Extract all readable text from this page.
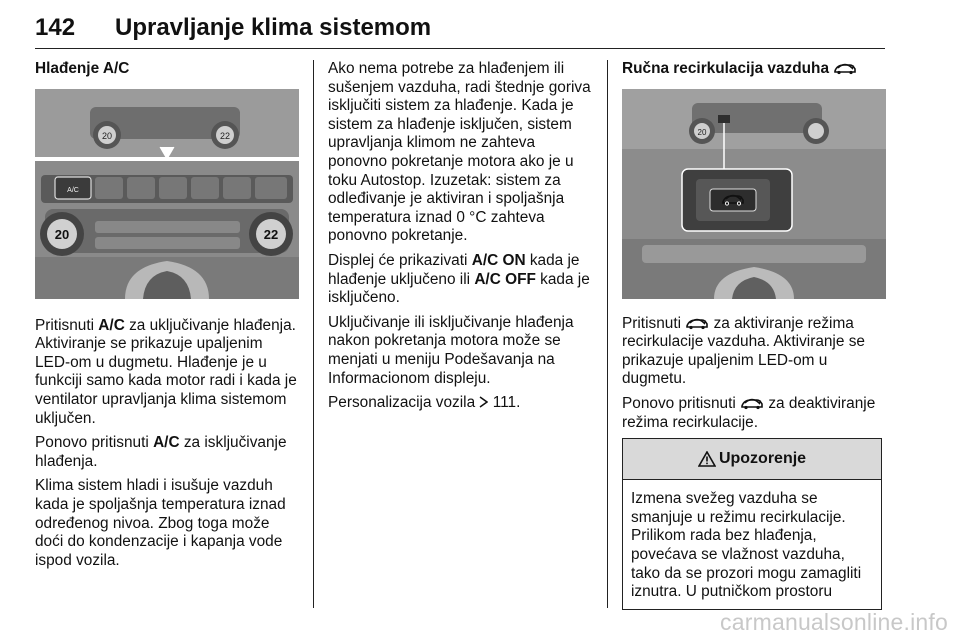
142 Upravljanje klima sistemom
Hlađenje A/C
20	22
A/C
20	22

Pritisnuti A/C za uključivanje hlađenja. Aktiviranje se prikazuje upaljenim LED-om u dugmetu. Hlađenje je u funkciji samo kada motor radi i kada je ventilator upravljanja klima sistemom uključen.

Ponovo pritisnuti A/C za isključivanje hlađenja.

Klima sistem hladi i isušuje vazduh kada je spoljašnja temperatura iznad određenog nivoa. Zbog toga može doći do kondenzacije i kapanja vode ispod vozila.

Ako nema potrebe za hlađenjem ili sušenjem vazduha, radi štednje goriva isključiti sistem za hlađenje. Kada je sistem za hlađenje isključen, sistem upravljanja klimom ne zahteva ponovno pokretanje motora ako je u toku Autostop. Izuzetak: sistem za odleđivanje je aktiviran i spoljašnja temperatura iznad 0 °C zahteva ponovno pokretanje.

Displej će prikazivati A/C ON kada je hlađenje uključeno ili A/C OFF kada je isključeno.

Uključivanje ili isključivanje hlađenja nakon pokretanja motora može se menjati u meniju Podešavanja na Informacionom displeju.

Personalizacija vozila  111.

Ručna recirkulacija vazduha
20

Pritisnuti  za aktiviranje režima recirkulacije vazduha. Aktiviranje se prikazuje upaljenim LED-om u dugmetu.

Ponovo pritisnuti  za deaktiviranje režima recirkulacije.

Upozorenje
Izmena svežeg vazduha se smanjuje u režimu recirkulacije. Prilikom rada bez hlađenja, povećava se vlažnost vazduha, tako da se prozori mogu zamagliti iznutra. U putničkom prostoru
carmanualsonline.info
